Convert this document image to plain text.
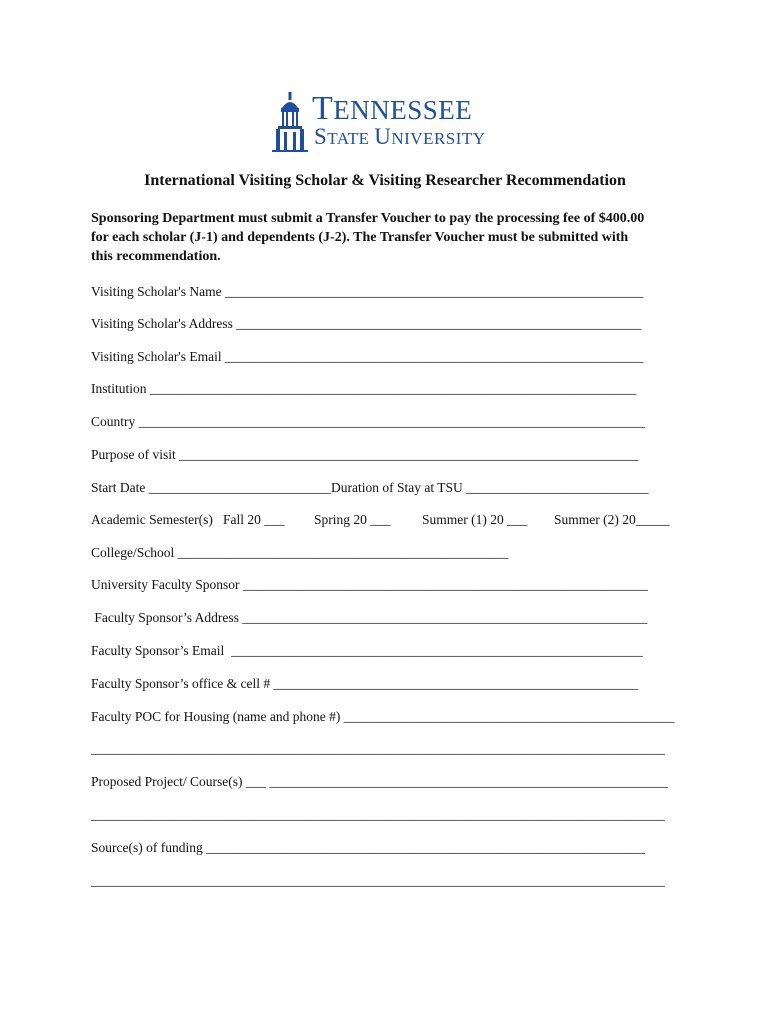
TENNESSEE
STATE UNIVERSITY
International Visiting Scholar & Visiting Researcher Recommendation
Sponsoring Department must submit a Transfer Voucher to pay the processing fee of $400.00 for each scholar (J-1) and dependents (J-2). The Transfer Voucher must be submitted with this recommendation.
Visiting Scholar's Name ______________________________________________________________
Visiting Scholar's Address ____________________________________________________________
Visiting Scholar's Email ______________________________________________________________
Institution ________________________________________________________________________
Country ___________________________________________________________________________
Purpose of visit ____________________________________________________________________
Start Date ___________________________Duration of Stay at TSU ___________________________
Academic Semester(s)   Fall 20 ___ Spring 20 ___ Summer (1) 20 ___ Summer (2) 20_____
College/School _________________________________________________
University Faculty Sponsor ____________________________________________________________
Faculty Sponsor’s Address ____________________________________________________________
Faculty Sponsor’s Email  _____________________________________________________________
Faculty Sponsor’s office & cell # ______________________________________________________
Faculty POC for Housing (name and phone #) _________________________________________________
_____________________________________________________________________________________
Proposed Project/ Course(s) ___ ___________________________________________________________
_____________________________________________________________________________________
Source(s) of funding _________________________________________________________________
_____________________________________________________________________________________
